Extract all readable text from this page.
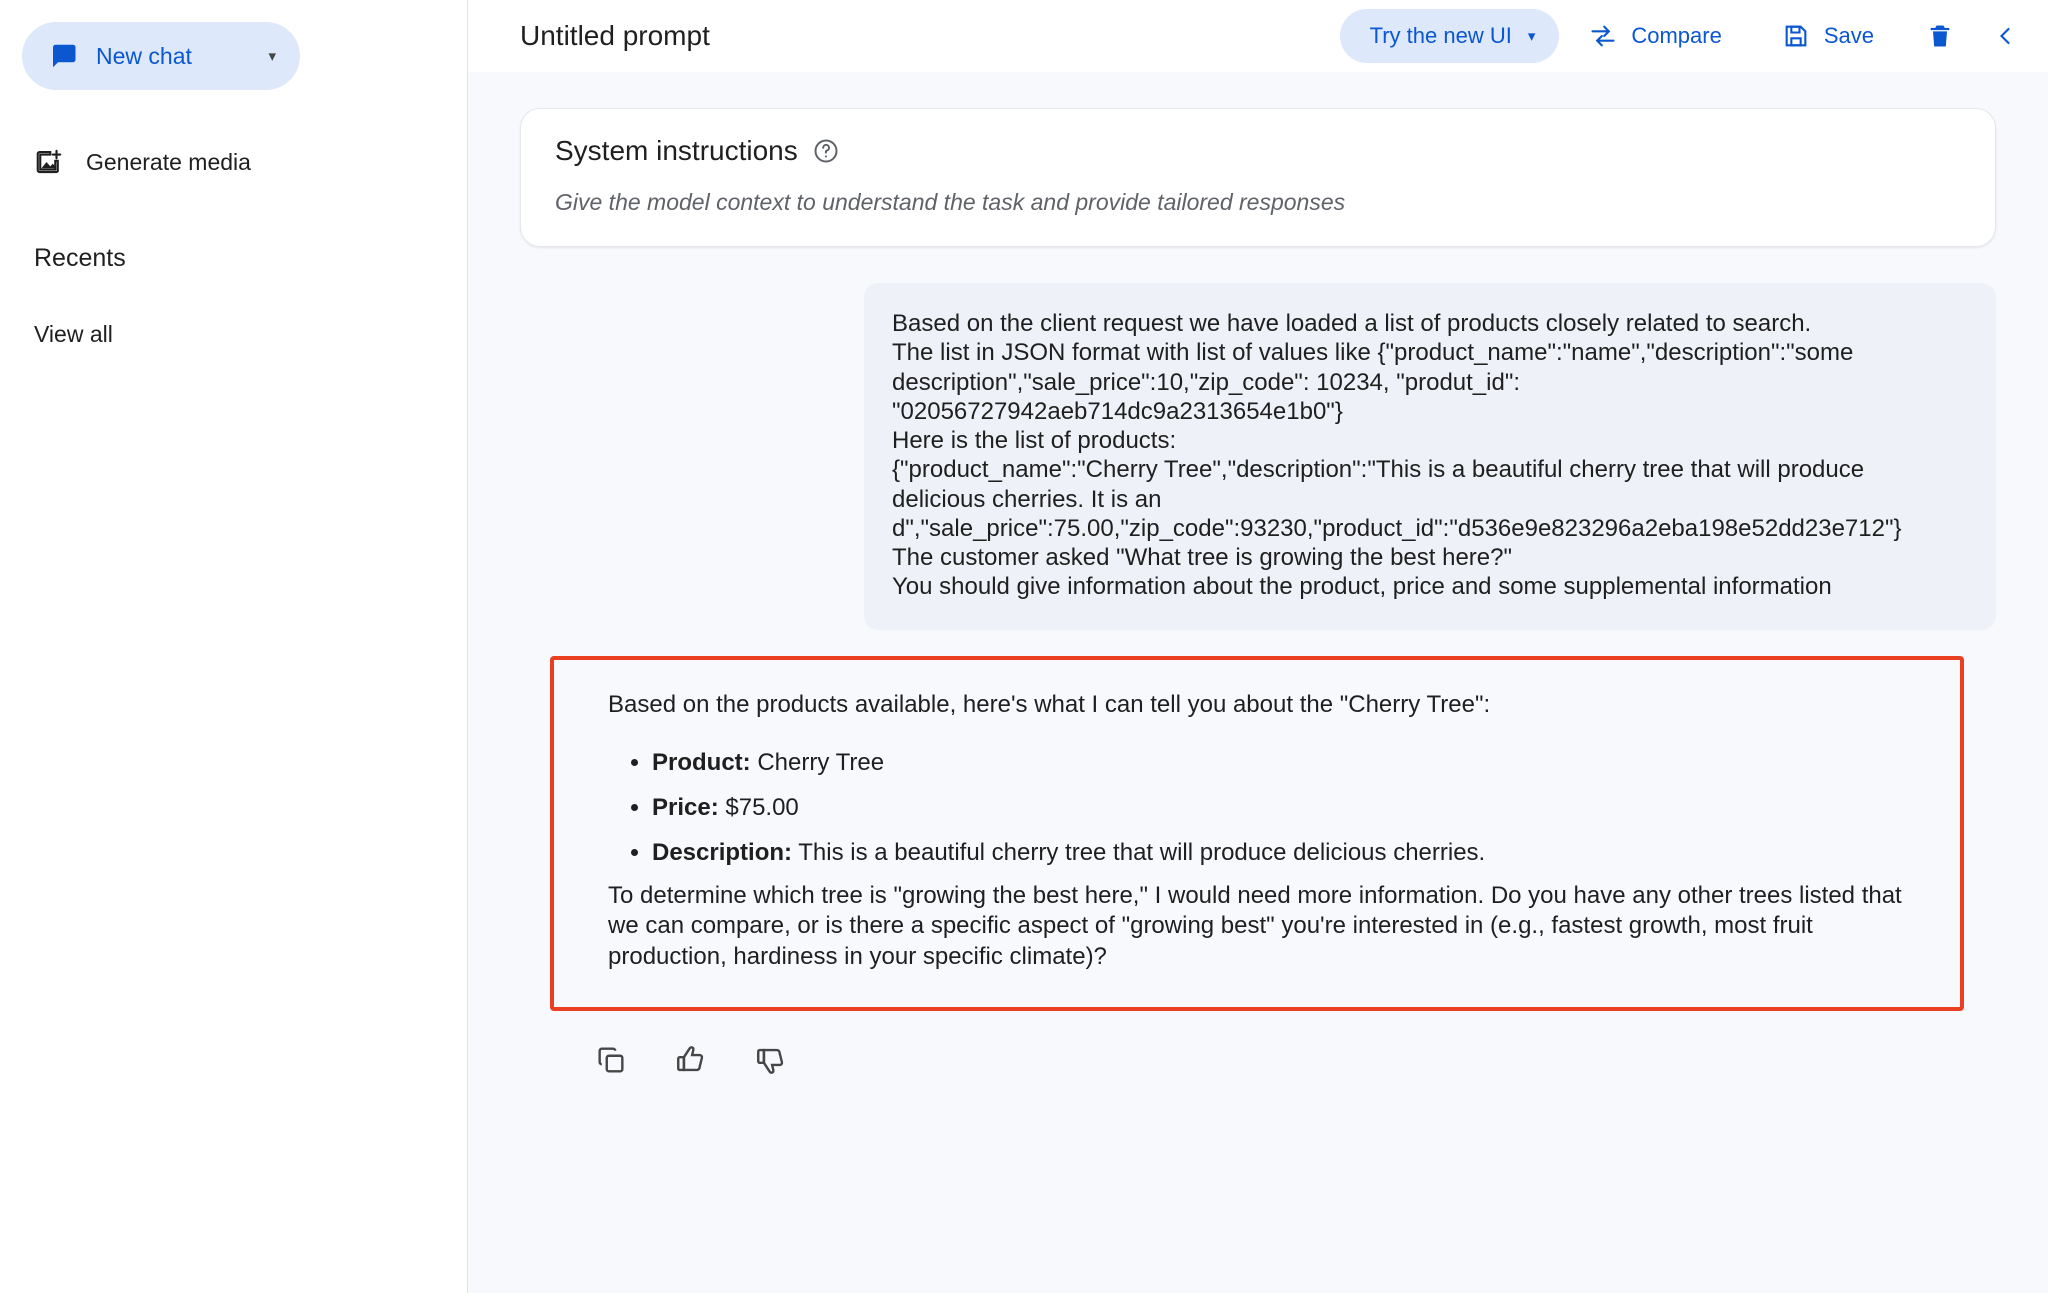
New chat	▾
Generate media
Recents
View all
Untitled prompt	Try the new UI ▾	Compare	Save
System instructions
Give the model context to understand the task and provide tailored responses

Based on the client request we have loaded a list of products closely related to search.

The list in JSON format with list of values like {"product_name":"name","description":"some description","sale_price":10,"zip_code": 10234, "produt_id": "02056727942aeb714dc9a2313654e1b0"}

Here is the list of products:

{"product_name":"Cherry Tree","description":"This is a beautiful cherry tree that will produce delicious cherries. It is an d","sale_price":75.00,"zip_code":93230,"product_id":"d536e9e823296a2eba198e52dd23e712"}

The customer asked "What tree is growing the best here?"

You should give information about the product, price and some supplemental information

Based on the products available, here's what I can tell you about the "Cherry Tree":

• Product: Cherry Tree
• Price: $75.00
• Description: This is a beautiful cherry tree that will produce delicious cherries.

To determine which tree is "growing the best here," I would need more information. Do you have any other trees listed that we can compare, or is there a specific aspect of "growing best" you're interested in (e.g., fastest growth, most fruit production, hardiness in your specific climate)?
